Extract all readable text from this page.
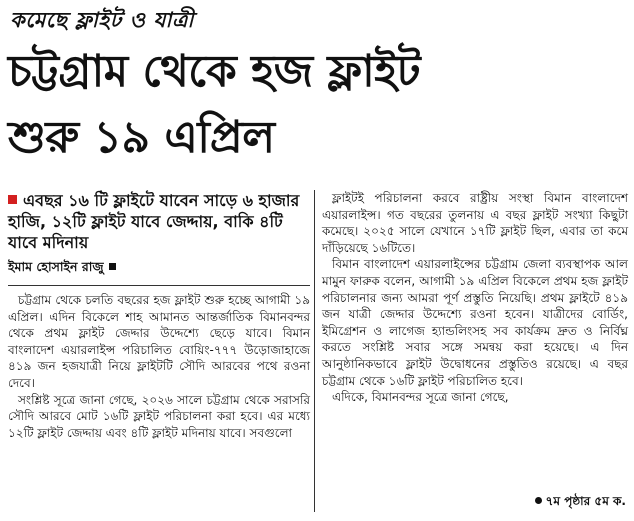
কমেছে ফ্লাইট ও যাত্রী
চট্টগ্রাম থেকে হজ ফ্লাইট
শুরু ১৯ এপ্রিল

এবছর ১৬ টি ফ্লাইটে যাবেন সাড়ে ৬ হাজার হাজি, ১২টি ফ্লাইট যাবে জেদ্দায়, বাকি ৪টি যাবে মদিনায়

ইমাম হোসাইন রাজু

চট্টগ্রাম থেকে চলতি বছরের হজ ফ্লাইট শুরু হচ্ছে আগামী ১৯ এপ্রিল। এদিন বিকেলে শাহ আমানত আন্তর্জাতিক বিমানবন্দর থেকে প্রথম ফ্লাইট জেদ্দার উদ্দেশ্যে ছেড়ে যাবে। বিমান বাংলাদেশ এয়ারলাইন্স পরিচালিত বোয়িং-৭৭৭ উড়োজাহাজে ৪১৯ জন হজযাত্রী নিয়ে ফ্লাইটটি সৌদি আরবের পথে রওনা দেবে।

সংশ্লিষ্ট সূত্রে জানা গেছে, ২০২৬ সালে চট্টগ্রাম থেকে সরাসরি সৌদি আরবে মোট ১৬টি ফ্লাইট পরিচালনা করা হবে। এর মধ্যে ১২টি ফ্লাইট জেদ্দায় এবং ৪টি ফ্লাইট মদিনায় যাবে। সবগুলো

ফ্লাইটই পরিচালনা করবে রাষ্ট্রীয় সংস্থা বিমান বাংলাদেশ এয়ারলাইন্স। গত বছরের তুলনায় এ বছর ফ্লাইট সংখ্যা কিছুটা কমেছে। ২০২৫ সালে যেখানে ১৭টি ফ্লাইট ছিল, এবার তা কমে দাঁড়িয়েছে ১৬টিতে।

বিমান বাংলাদেশ এয়ারলাইন্সের চট্টগ্রাম জেলা ব্যবস্থাপক আল মামুন ফারুক বলেন, আগামী ১৯ এপ্রিল বিকেলে প্রথম হজ ফ্লাইট পরিচালনার জন্য আমরা পূর্ণ প্রস্তুতি নিয়েছি। প্রথম ফ্লাইটে ৪১৯ জন যাত্রী জেদ্দার উদ্দেশ্যে রওনা হবেন। যাত্রীদের বোর্ডিং, ইমিগ্রেশন ও লাগেজ হ্যান্ডলিংসহ সব কার্যক্রম দ্রুত ও নির্বিঘ্ন করতে সংশ্লিষ্ট সবার সঙ্গে সমন্বয় করা হয়েছে। এ দিন আনুষ্ঠানিকভাবে ফ্লাইট উদ্বোধনের প্রস্তুতিও রয়েছে। এ বছর চট্টগ্রাম থেকে ১৬টি ফ্লাইট পরিচালিত হবে।

এদিকে, বিমানবন্দর সূত্রে জানা গেছে,

৭ম পৃষ্ঠার ৫ম ক.
